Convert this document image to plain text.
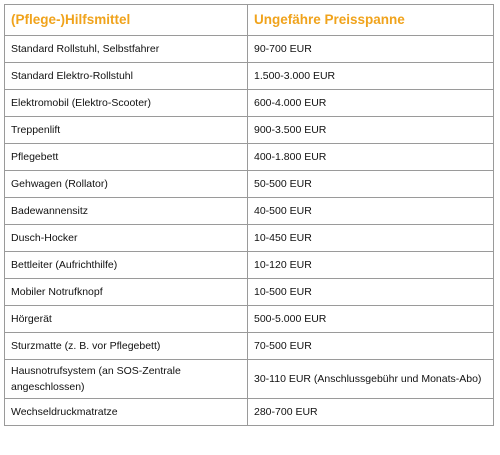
(Pflege-)Hilfsmittel	Ungefähre Preisspanne
Standard Rollstuhl, Selbstfahrer	90-700 EUR
Standard Elektro-Rollstuhl	1.500-3.000 EUR
Elektromobil (Elektro-Scooter)	600-4.000 EUR
Treppenlift	900-3.500 EUR
Pflegebett	400-1.800 EUR
Gehwagen (Rollator)	50-500 EUR
Badewannensitz	40-500 EUR
Dusch-Hocker	10-450 EUR
Bettleiter (Aufrichthilfe)	10-120 EUR
Mobiler Notrufknopf	10-500 EUR
Hörgerät	500-5.000 EUR
Sturzmatte (z. B. vor Pflegebett)	70-500 EUR
Hausnotrufsystem (an SOS-Zentrale angeschlossen)	30-110 EUR (Anschlussgebühr und Monats-Abo)
Wechseldruckmatratze	280-700 EUR
